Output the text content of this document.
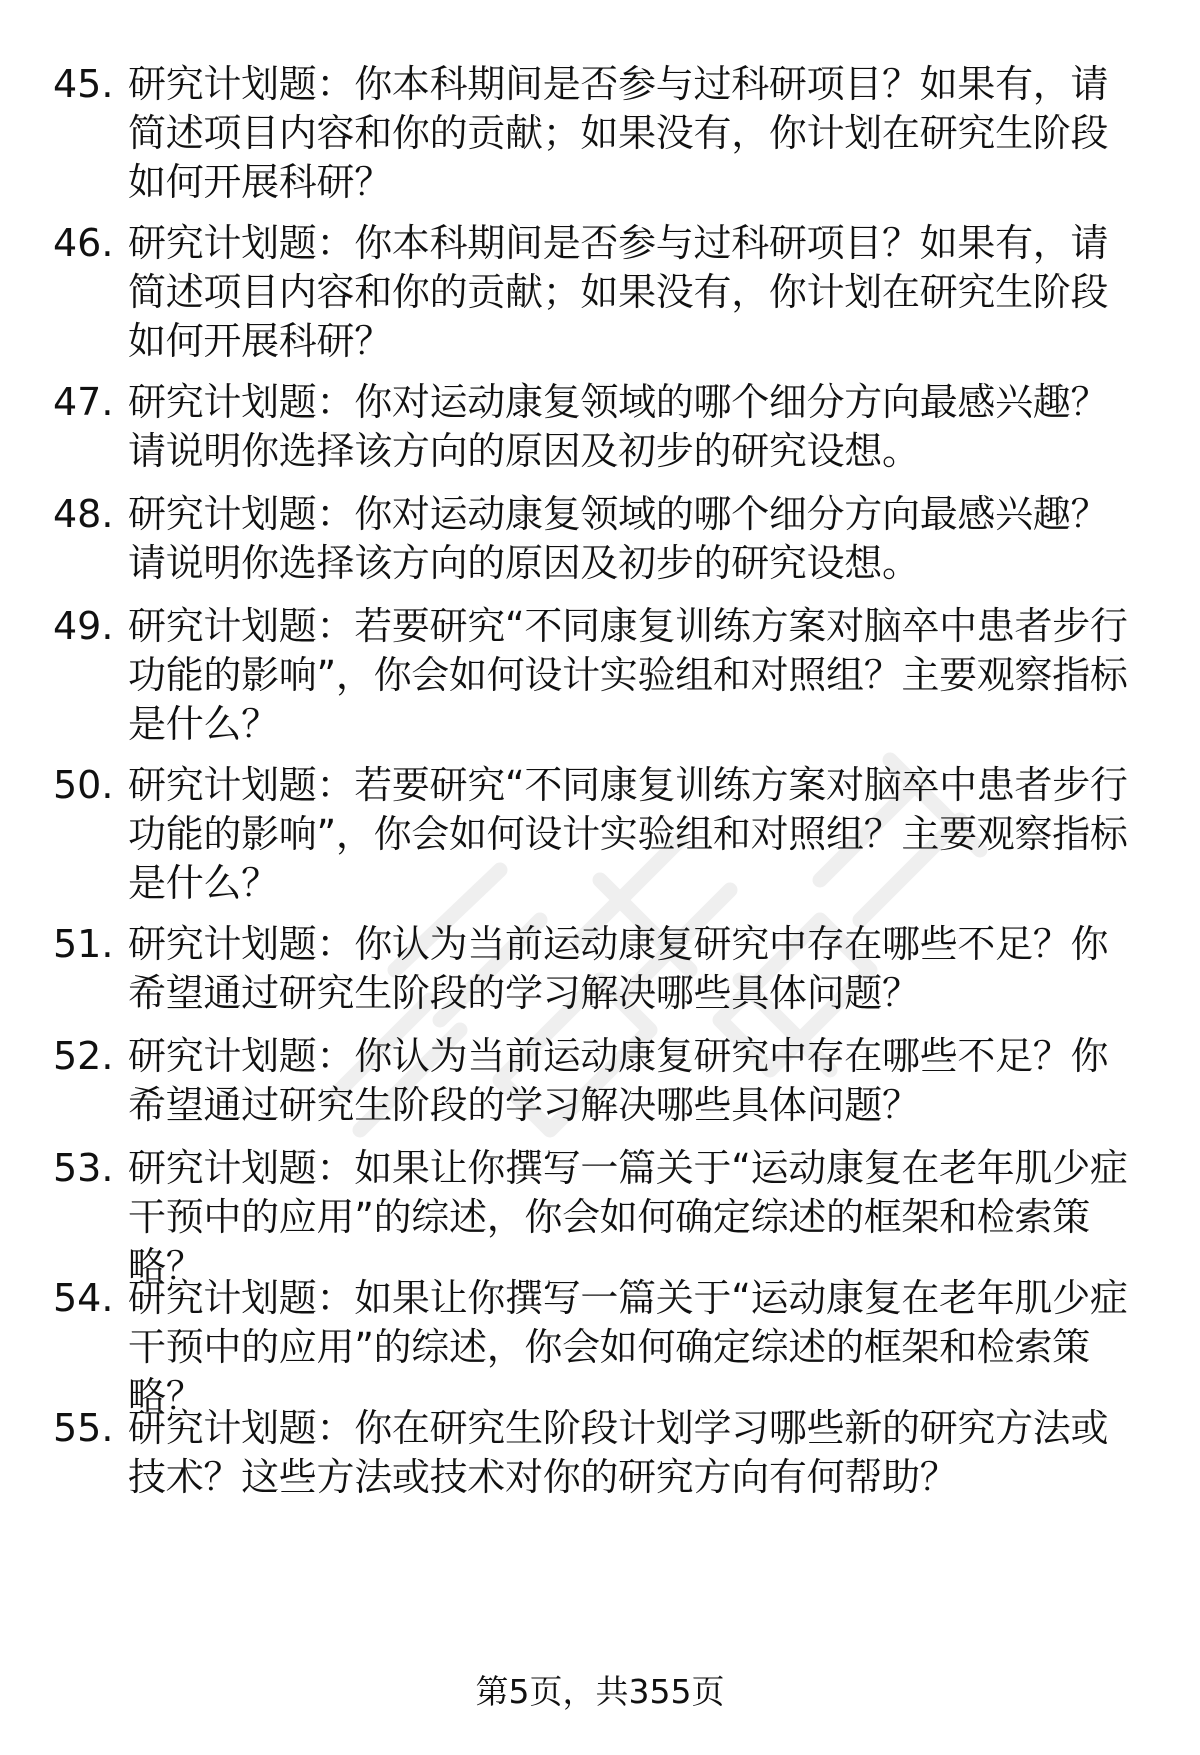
45. 研究计划题：你本科期间是否参与过科研项目？如果有，请简述项目内容和你的贡献；如果没有，你计划在研究生阶段如何开展科研？

46. 研究计划题：你本科期间是否参与过科研项目？如果有，请简述项目内容和你的贡献；如果没有，你计划在研究生阶段如何开展科研？

47. 研究计划题：你对运动康复领域的哪个细分方向最感兴趣？请说明你选择该方向的原因及初步的研究设想。

48. 研究计划题：你对运动康复领域的哪个细分方向最感兴趣？请说明你选择该方向的原因及初步的研究设想。

49. 研究计划题：若要研究“不同康复训练方案对脑卒中患者步行功能的影响”，你会如何设计实验组和对照组？主要观察指标是什么？

50. 研究计划题：若要研究“不同康复训练方案对脑卒中患者步行功能的影响”，你会如何设计实验组和对照组？主要观察指标是什么？

51. 研究计划题：你认为当前运动康复研究中存在哪些不足？你希望通过研究生阶段的学习解决哪些具体问题？

52. 研究计划题：你认为当前运动康复研究中存在哪些不足？你希望通过研究生阶段的学习解决哪些具体问题？

53. 研究计划题：如果让你撰写一篇关于“运动康复在老年肌少症干预中的应用”的综述，你会如何确定综述的框架和检索策略？

54. 研究计划题：如果让你撰写一篇关于“运动康复在老年肌少症干预中的应用”的综述，你会如何确定综述的框架和检索策略？

55. 研究计划题：你在研究生阶段计划学习哪些新的研究方法或技术？这些方法或技术对你的研究方向有何帮助？

第5页，共355页
